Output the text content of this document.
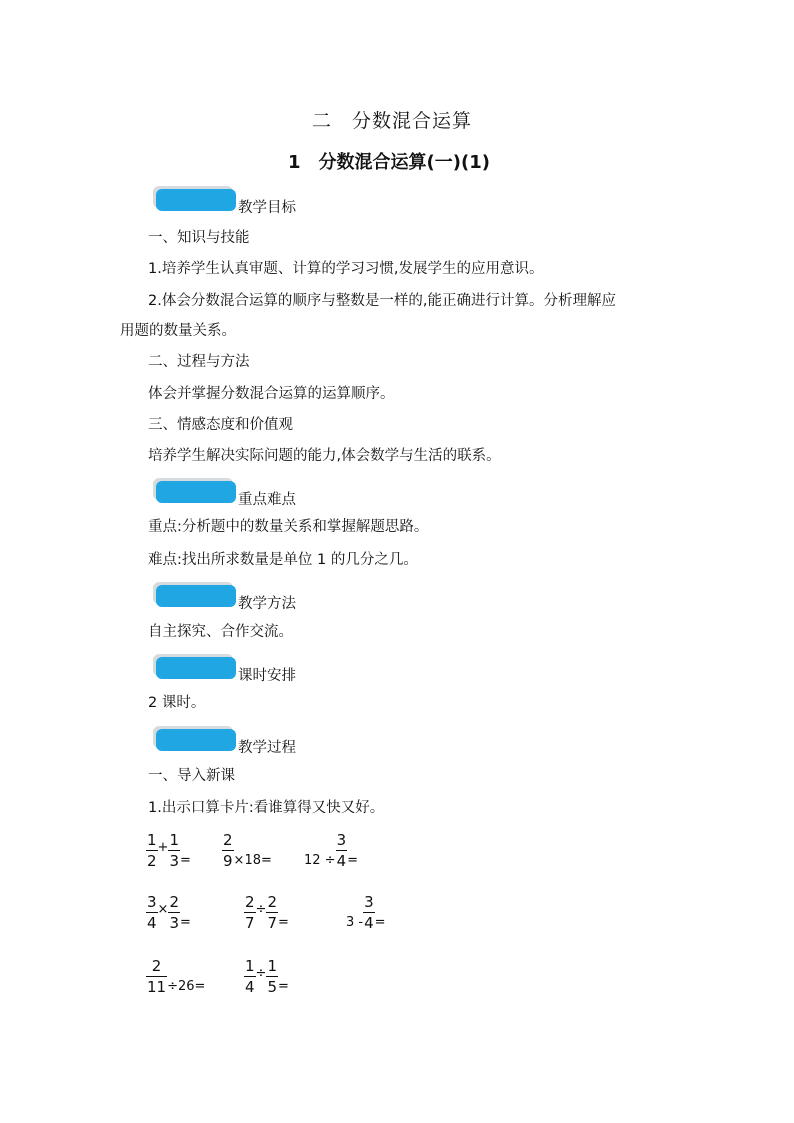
二　分数混合运算
1　分数混合运算(一)(1)
教学目标
一、知识与技能
1.培养学生认真审题、计算的学习习惯,发展学生的应用意识。
2.体会分数混合运算的顺序与整数是一样的,能正确进行计算。分析理解应
用题的数量关系。
二、过程与方法
体会并掌握分数混合运算的运算顺序。
三、情感态度和价值观
培养学生解决实际问题的能力,体会数学与生活的联系。
重点难点
重点:分析题中的数量关系和掌握解题思路。
难点:找出所求数量是单位 1 的几分之几。
教学方法
自主探究、合作交流。
课时安排
2 课时。
教学过程
一、导入新课
1.出示口算卡片:看谁算得又快又好。
$\frac{1}{2} + \frac{1}{3} = \frac{2}{9} \times 18= 12 \div \frac{3}{4}$ =
$\frac{3}{4} \times \frac{2}{3}$ =	$\frac{2}{7} \div \frac{2}{7}$ =	$3 - \frac{3}{4}$ =
$\frac{2}{11} \div 26=$	$\frac{1}{4} \div \frac{1}{5}$ =
